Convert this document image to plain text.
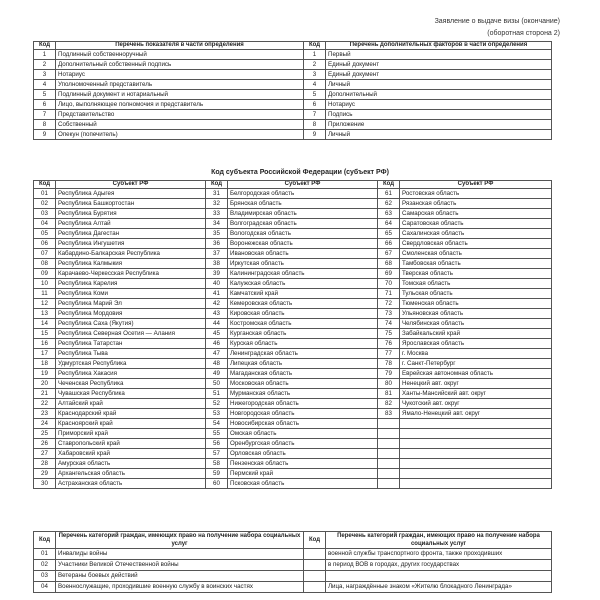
Заявление о выдаче визы (окончание)
(оборотная сторона 2)
Код	Перечень показателя в части определения	Код	Перечень дополнительных факторов в части определения
1	Подлинный собственноручный	1	Первый
2	Дополнительный собственный подпись	2	Единый документ
3	Нотариус	3	Единый документ
4	Уполномоченный представитель	4	Личный
5	Подлинный документ и нотариальный	5	Дополнительный
6	Лицо, выполняющее полномочия и представитель	6	Нотариус
7	Представительство	7	Подпись
8	Собственный	8	Приложение
9	Опекун (попечитель)	9	Личный
Код субъекта Российской Федерации (субъект РФ)
Код	Субъект РФ	Код	Субъект РФ	Код	Субъект РФ
01	Республика Адыгея	31	Белгородская область	61	Ростовская область
02	Республика Башкортостан	32	Брянская область	62	Рязанская область
03	Республика Бурятия	33	Владимирская область	63	Самарская область
04	Республика Алтай	34	Волгоградская область	64	Саратовская область
05	Республика Дагестан	35	Вологодская область	65	Сахалинская область
06	Республика Ингушетия	36	Воронежская область	66	Свердловская область
07	Кабардино-Балкарская Республика	37	Ивановская область	67	Смоленская область
08	Республика Калмыкия	38	Иркутская область	68	Тамбовская область
09	Карачаево-Черкесская Республика	39	Калининградская область	69	Тверская область
10	Республика Карелия	40	Калужская область	70	Томская область
11	Республика Коми	41	Камчатский край	71	Тульская область
12	Республика Марий Эл	42	Кемеровская область	72	Тюменская область
13	Республика Мордовия	43	Кировская область	73	Ульяновская область
14	Республика Саха (Якутия)	44	Костромская область	74	Челябинская область
15	Республика Северная Осетия — Алания	45	Курганская область	75	Забайкальский край
16	Республика Татарстан	46	Курская область	76	Ярославская область
17	Республика Тыва	47	Ленинградская область	77	г. Москва
18	Удмуртская Республика	48	Липецкая область	78	г. Санкт-Петербург
19	Республика Хакасия	49	Магаданская область	79	Еврейская автономная область
20	Чеченская Республика	50	Московская область	80	Ненецкий авт. округ
21	Чувашская Республика	51	Мурманская область	81	Ханты-Мансийский авт. округ
22	Алтайский край	52	Нижегородская область	82	Чукотский авт. округ
23	Краснодарский край	53	Новгородская область	83	Ямало-Ненецкий авт. округ
24	Красноярский край	54	Новосибирская область		
25	Приморский край	55	Омская область		
26	Ставропольский край	56	Оренбургская область		
27	Хабаровский край	57	Орловская область		
28	Амурская область	58	Пензенская область		
29	Архангельская область	59	Пермский край		
30	Астраханская область	60	Псковская область		
Код	Перечень категорий граждан, имеющих право на получение набора социальных услуг	Код	Перечень категорий граждан, имеющих право на получение набора социальных услуг
01	Инвалиды войны		военной службы транспортного фронта, также проходивших
02	Участники Великой Отечественной войны		в период ВОВ в городах, других государствах
03	Ветераны боевых действий		
04	Военнослужащие, проходившие военную службу в воинских частях		Лица, награждённые знаком «Жителю блокадного Ленинграда»
